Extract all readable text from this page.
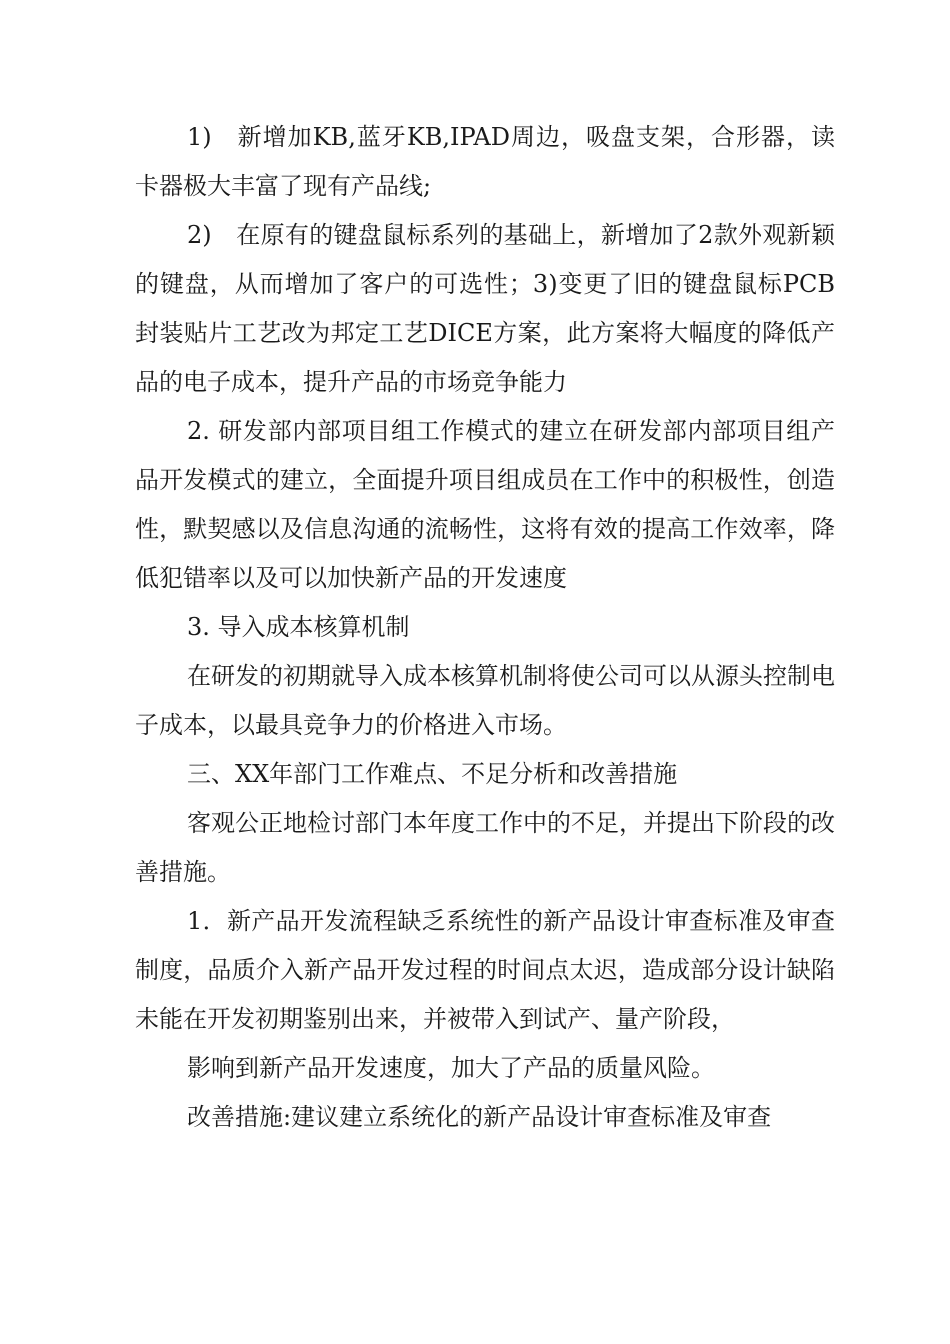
1)　新增加KB,蓝牙KB,IPAD周边，吸盘支架，合形器，读卡器极大丰富了现有产品线;

2)　在原有的键盘鼠标系列的基础上，新增加了2款外观新颖的键盘，从而增加了客户的可选性；3)变更了旧的键盘鼠标PCB封装贴片工艺改为邦定工艺DICE方案，此方案将大幅度的降低产品的电子成本，提升产品的市场竞争能力

2. 研发部内部项目组工作模式的建立在研发部内部项目组产品开发模式的建立，全面提升项目组成员在工作中的积极性，创造性，默契感以及信息沟通的流畅性，这将有效的提高工作效率，降低犯错率以及可以加快新产品的开发速度

3. 导入成本核算机制

在研发的初期就导入成本核算机制将使公司可以从源头控制电子成本，以最具竞争力的价格进入市场。

三、XX年部门工作难点、不足分析和改善措施

客观公正地检讨部门本年度工作中的不足，并提出下阶段的改善措施。

1．新产品开发流程缺乏系统性的新产品设计审查标准及审查制度，品质介入新产品开发过程的时间点太迟，造成部分设计缺陷未能在开发初期鉴别出来，并被带入到试产、量产阶段，

影响到新产品开发速度，加大了产品的质量风险。

改善措施:建议建立系统化的新产品设计审查标准及审查
